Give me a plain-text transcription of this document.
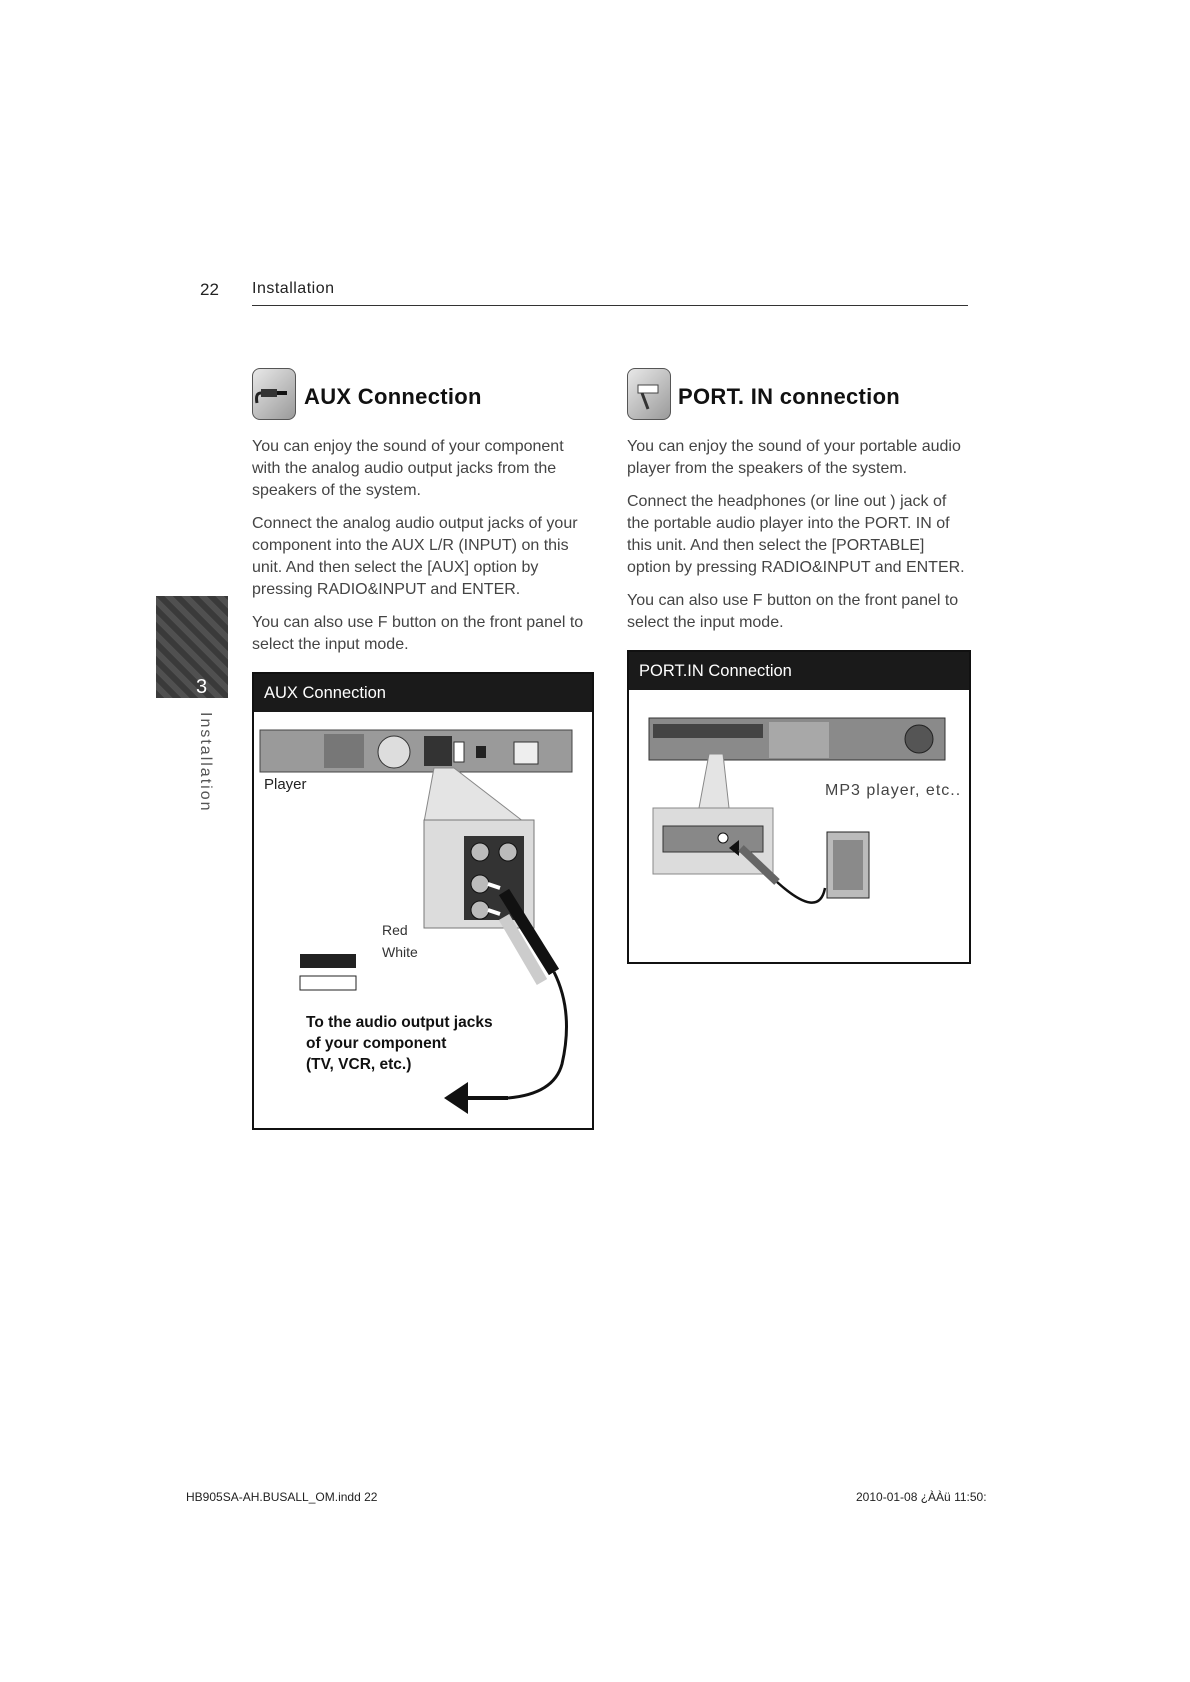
22 Installation
3
Installation
AUX Connection

You can enjoy the sound of your component with the analog audio output jacks from the speakers of the system.

Connect the analog audio output jacks of your component into the AUX L/R (INPUT) on this unit. And then select the [AUX] option by pressing RADIO&INPUT and ENTER.

You can also use F button on the front panel to select the input mode.

AUX Connection
Player
Red
White
To the audio output jacks
of your component
(TV, VCR, etc.)
PORT. IN connection

You can enjoy the sound of your portable audio player from the speakers of the system.

Connect the headphones (or line out ) jack of the portable audio player into the PORT. IN of this unit. And then select the [PORTABLE] option by pressing RADIO&INPUT and ENTER.

You can also use F button on the front panel to select the input mode.

PORT.IN Connection
MP3 player, etc..
HB905SA-AH.BUSALL_OM.indd 22	2010-01-08 ¿ÀÀü 11:50:
